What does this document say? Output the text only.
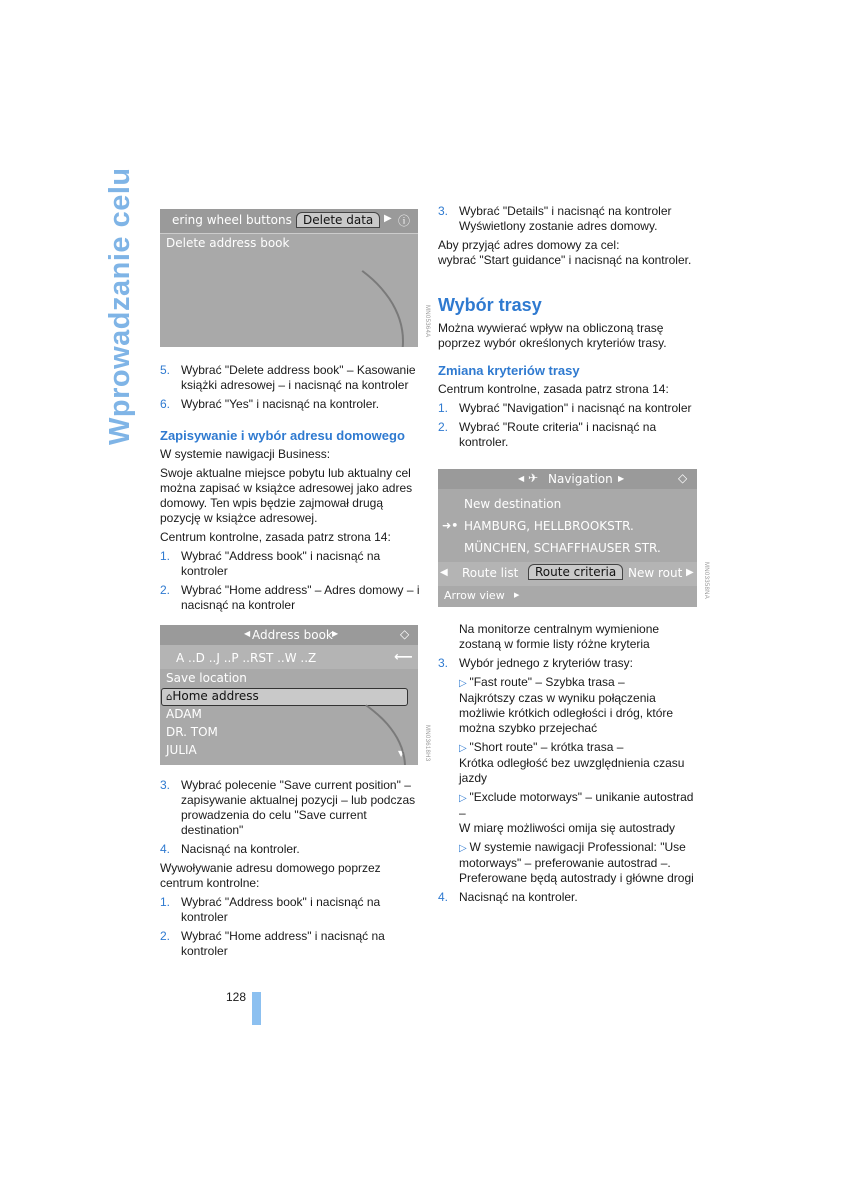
Wprowadzanie celu	ering wheel buttons Delete data	▶ ⓘ
Delete address book
MN05364A
5. Wybrać "Delete address book" – Kasowanie książki adresowej – i nacisnąć na kontroler
6. Wybrać "Yes" i nacisnąć na kontroler.
Zapisywanie i wybór adresu domowego

W systemie nawigacji Business:

Swoje aktualne miejsce pobytu lub aktualny cel można zapisać w książce adresowej jako adres domowy. Ten wpis będzie zajmował drugą pozycję w książce adresowej.

Centrum kontrolne, zasada patrz strona 14:

1. Wybrać "Address book" i nacisnąć na kontroler
2. Wybrać "Home address" – Adres domowy – i nacisnąć na kontroler
◀ Address book ▶	◇
A ..D ..J ..P ..RST ..W ..Z	⟵
Save location
⌂Home address
ADAM
DR. TOM
JULIA	▼	MN03618H3
3. Wybrać polecenie "Save current position" – zapisywanie aktualnej pozycji – lub podczas prowadzenia do celu "Save current destination"
4. Nacisnąć na kontroler.

Wywoływanie adresu domowego poprzez centrum kontrolne:

1. Wybrać "Address book" i nacisnąć na kontroler
2. Wybrać "Home address" i nacisnąć na kontroler
3. Wybrać "Details" i nacisnąć na kontroler Wyświetlony zostanie adres domowy.

Aby przyjąć adres domowy za cel:

wybrać "Start guidance" i nacisnąć na kontroler.

Wybór trasy

Można wywierać wpływ na obliczoną trasę poprzez wybór określonych kryteriów trasy.

Zmiana kryteriów trasy

Centrum kontrolne, zasada patrz strona 14:

1. Wybrać "Navigation" i nacisnąć na kontroler
2. Wybrać "Route criteria" i nacisnąć na kontroler.
◀ ✈ Navigation ▶	◇
New destination
➜• HAMBURG, HELLBROOKSTR.
MÜNCHEN, SCHAFFHAUSER STR.
◀ Route list	Route criteria New rout ▶
Arrow view	▶	MN03358NA

Na monitorze centralnym wymienione zostaną w formie listy różne kryteria

3. Wybór jednego z kryteriów trasy:
▷ "Fast route" – Szybka trasa –
Najkrótszy czas w wyniku połączenia możliwie krótkich odległości i dróg, które można szybko przejechać
▷ "Short route" – krótka trasa –
Krótka odległość bez uwzględnienia czasu jazdy
▷ "Exclude motorways" – unikanie autostrad –
W miarę możliwości omija się autostrady
▷ W systemie nawigacji Professional: "Use motorways" – preferowanie autostrad –.
Preferowane będą autostrady i główne drogi
4. Nacisnąć na kontroler.
128
